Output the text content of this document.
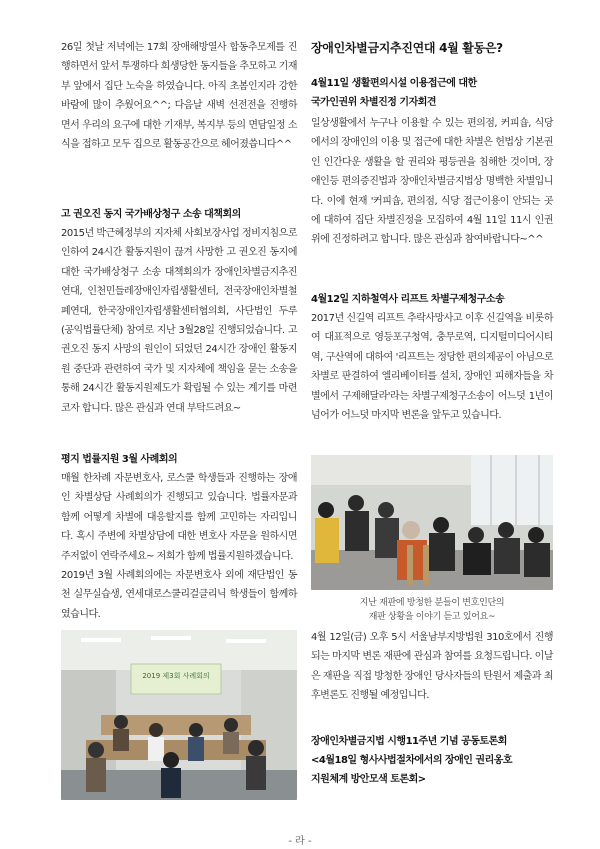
26일 첫날 저녁에는 17회 장애해방열사 합동추모제를 진행하면서 앞서 투쟁하다 희생당한 동지들을 추모하고 기재부 앞에서 집단 노숙을 하였습니다. 아직 초봄인지라 강한 바람에 많이 추웠어요^^; 다음날 새벽 선전전을 진행하면서 우리의 요구에 대한 기재부, 복지부 등의 면담일정 소식을 접하고 모두 집으로 활동공간으로 헤어졌씁니다^^

고 권오진 동지 국가배상청구 소송 대책회의

2015년 박근혜정부의 지자체 사회보장사업 정비지침으로 인하여 24시간 활동지원이 끊겨 사망한 고 권오진 동지에 대한 국가배상청구 소송 대책회의가 장애인차별금지추진연대, 인천민들레장애인자립생활센터, 전국장애인차별철폐연대, 한국장애인자립생활센터협의회, 사단법인 두루(공익법률단체) 참여로 지난 3월28일 진행되었습니다. 고 권오진 동지 사망의 원인이 되었던 24시간 장애인 활동지원 중단과 관련하여 국가 및 지자체에 책임을 묻는 소송을 통해 24시간 활동지원제도가 확립될 수 있는 계기를 마련코자 합니다. 많은 관심과 연대 부탁드려요~

평지 법률지원 3월 사례회의

매월 한차례 자문변호사, 로스쿨 학생들과 진행하는 장애인 차별상담 사례회의가 진행되고 있습니다. 법률자문과 함께 어떻게 차별에 대응할지를 함께 고민하는 자리입니다. 혹시 주변에 차별상담에 대한 변호사 자문을 원하시면 주저없이 연락주세요~ 저희가 함께 법률지원하겠습니다.
2019년 3월 사례회의에는 자문변호사 외에 재단법인 동천 실무실습생, 연세대로스쿨리걸클리닉 학생들이 함께하였습니다.

2019 제3회 사례회의
장애인차별금지추진연대 4월 활동은?
4월11일 생활편의시설 이용접근에 대한
국가인권위 차별진정 기자회견

일상생활에서 누구나 이용할 수 있는 편의점, 커피숍, 식당에서의 장애인의 이용 및 접근에 대한 차별은 헌법상 기본권인 인간다운 생활을 할 권리와 평등권을 침해한 것이며, 장애인등 편의증진법과 장애인차별금지법상 명백한 차별입니다. 이에 현재 '커피숍, 편의점, 식당 접근이용이 안되는 곳에 대하여 집단 차별진정을 모집하여 4월 11일 11시 인권위에 진정하려고 합니다. 많은 관심과 참여바랍니다~^^

4월12일 지하철역사 리프트 차별구제청구소송

2017년 신길역 리프트 추락사망사고 이후 신길역을 비롯하여 대표적으로 영등포구청역, 충무로역, 디지털미디어시티역, 구산역에 대하여 '리프트는 정당한 편의제공이 아님으로 차별로 판결하여 엘리베이터를 설치, 장애인 피해자들을 차별에서 구제해달라'라는 차별구제청구소송이 어느덧 1년이 넘어가 어느덧 마지막 변론을 앞두고 있습니다.

지난 재판에 방청한 분들이 변호인단의
재판 상황을 이야기 듣고 있어요~

4월 12일(금) 오후 5시 서울남부지방법원 310호에서 진행되는 마지막 변론 재판에 관심과 참여를 요청드립니다. 이날은 재판을 직접 방청한 장애인 당사자들의 탄원서 제출과 최후변론도 진행될 예정입니다.

장애인차별금지법 시행11주년 기념 공동토론회
<4월18일 형사사법절차에서의 장애인 권리옹호
지원체계 방안모색 토론회>
- 라 -
